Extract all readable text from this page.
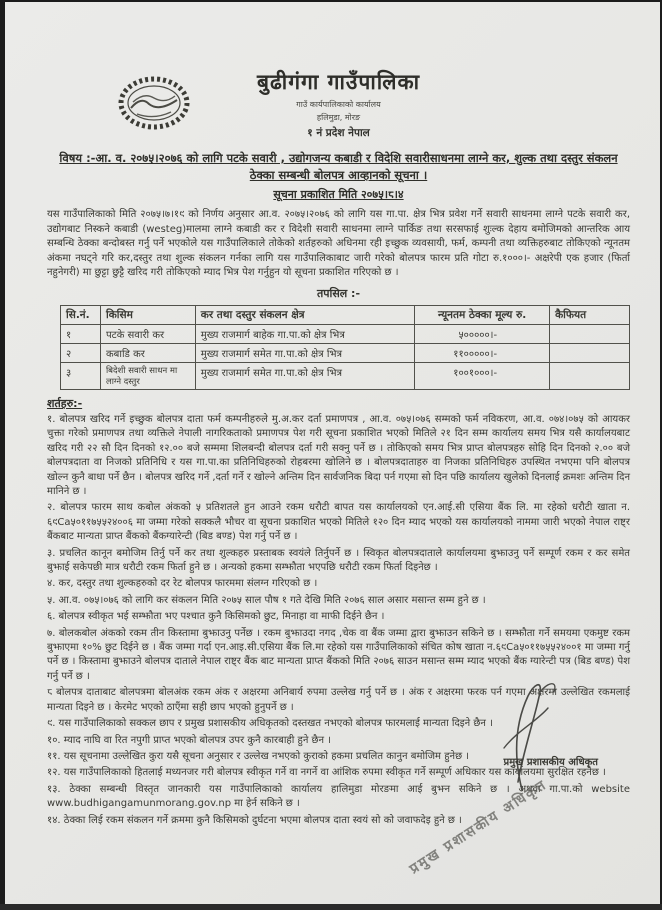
बुढीगंगा गाउँपालिका
गाउँ कार्यपालिकाको कार्यालय
हलिमुडा, मोरङ
१ नं प्रदेश नेपाल
विषय :-आ. व. २०७५।२०७६ को लागि पटके सवारी , उद्योगजन्य कबाडी र विदेशि सवारीसाधनमा लाग्ने कर, शुल्क तथा दस्तुर संकलन
ठेक्का सम्बन्धी बोलपत्र आव्हानको सूचना ।
सूचना प्रकाशित मिति २०७५।८।४

यस गाउँपालिकाको मिति २०७५।७।१९ को निर्णय अनुसार आ.व. २०७५।२०७६ को लागि यस गा.पा. क्षेत्र भित्र प्रवेश गर्ने सवारी साधनमा लाग्ने पटके सवारी कर, उद्योगबाट निस्कने कबाडी (westeg)मालमा लाग्ने कबाडी कर र विदेशी सवारी साधनमा लाग्ने पार्किङ तथा सरसफाई शुःल्क देहाय बमोजिमको आन्तरिक आय सम्बन्धि ठेक्का बन्दोबस्त गर्नु पर्ने भएकोले यस गाउँपालिकाले तोकेको शर्तहरुको अधिनमा रही इच्छुक व्यवसायी, फर्म, कम्पनी तथा व्यक्तिहरुबाट तोकिएको न्यूनतम अंकमा नघट्ने गरि कर,दस्तुर तथा शुल्क संकलन गर्नका लागि यस गाउँपालिकाबाट जारी गरेको बोलपत्र फारम प्रति गोटा रु.१०००।- अक्षरेपी एक हजार (फिर्ता नहुनेगरी) मा छुट्टा छुट्टै खरिद गरी तोकिएको म्याद भित्र पेश गर्नुहुन यो सूचना प्रकाशित गरिएको छ ।

तपसिल :-
सि.नं.	किसिम	कर तथा दस्तुर संकलन क्षेत्र	न्यूनतम ठेक्का मूल्य रु.	कैफियत
१	पटके सवारी कर	मुख्य राजमार्ग बाहेक गा.पा.को क्षेत्र भित्र	५०००००।-	
२	कबाडि कर	मुख्य राजमार्ग समेत गा.पा.को क्षेत्र भित्र	११०००००।-	
३	बिदेशी सवारी साधन मा लाग्ने दस्तुर	मुख्य राजमार्ग समेत गा.पा.को क्षेत्र भित्र	१००१०००।-	
शर्तहरु:-

१. बोलपत्र खरिद गर्ने इच्छुक बोलपत्र दाता फर्म कम्पनीहरुले मु.अ.कर दर्ता प्रमाणपत्र , आ.व. ०७५।०७६ सम्मको फर्म नविकरण, आ.व. ०७४।०७५ को आयकर चुक्ता गरेको प्रमाणपत्र तथा व्यक्तिले नेपाली नागरिकताको प्रमाणपत्र पेश गरी सूचना प्रकाशित भएको मितिले २१ दिन सम्म कार्यालय समय भित्र यसै कार्यालयबाट खरिद गरी २२ सौ दिन दिनको १२.०० बजे सम्ममा शिलबन्दी बोलपत्र दर्ता गरी सक्नु पर्ने छ । तोकिएको समय भित्र प्राप्त बोलपत्रहरु सोहि दिन दिनको २.०० बजे बोलपत्रदाता वा निजको प्रतिनिधि र यस गा.पा.का प्रतिनिधिहरुको रोहबरमा खोलिने छ । बोलपत्रदाताहरु वा निजका प्रतिनिधिहरु उपस्थित नभएमा पनि बोलपत्र खोल्न कुनै बाधा पर्ने छैन । बोलपत्र खरिद गर्ने ,दर्ता गर्ने र खोल्ने अन्तिम दिन सार्वजनिक बिदा पर्न गएमा सो दिन पछि कार्यालय खुलेको दिनलाई क्रमशः अन्तिम दिन मानिने छ ।

२. बोलपत्र फारम साथ कबोल अंकको ५ प्रतिशतले हुन आउने रकम धरौटी बापत यस कार्यालयको एन.आई.सी एसिया बैंक लि. मा रहेको धरौटी खाता न. ६९Ca५०११७५५२४००६ मा जम्मा गरेको सक्कलै भौचर वा सूचना प्रकाशित भएको मितिले १२० दिन म्याद भएको यस कार्यालयको नाममा जारी भएको नेपाल राष्ट्र बैंकबाट मान्यता प्राप्त बैंकको बैंकग्यारेन्टी (बिड बण्ड) पेश गर्नु पर्ने छ ।

३. प्रचलित कानून बमोजिम तिर्नु पर्ने कर तथा शुल्कहरु प्रस्ताबक स्वयंले तिर्नुपर्ने छ । स्विकृत बोलपत्रदाताले कार्यालयमा बुझाउनु पर्ने सम्पूर्ण रकम र कर समेत बुझाई सकेपछी मात्र धरौटी रकम फिर्ता हुने छ । अन्यको हकमा सम्झौता भएपछि धरौटी रकम फिर्ता दिइनेछ ।

४. कर, दस्तुर तथा शुल्कहरुको दर रेट बोलपत्र फारममा संलग्न गरिएको छ ।

५. आ.व. ०७५।०७६ को लागि कर संकलन मिति २०७५ साल पौष १ गते देखि मिति २०७६ साल असार मसान्त सम्म हुने छ ।

६. बोलपत्र स्वीकृत भई सम्झौता भए पश्चात कुनै किसिमको छुट, मिनाहा वा माफी दिईने छैन ।

७. बोलकबोल अंकको रकम तीन किस्तामा बुझाउनु पर्नेछ । रकम बुझाउदा नगद ,चेक वा बैंक जम्मा द्वारा बुझाउन सकिने छ । सम्झौता गर्ने समयमा एकमुष्ट रकम बुझाएमा १०% छुट दिईने छ । बैंक जम्मा गर्दा एन.आइ.सी.एसिया बैंक लि.मा रहेको यस गाउँपालिकाको संचित कोष खाता न.६९Ca५०११७५५२४००१ मा जम्मा गर्नु पर्ने छ । किस्तामा बुझाउने बोलपत्र दाताले नेपाल राष्ट्र बैंक बाट मान्यता प्राप्त बैंकको मिति २०७६ साउन मसान्त सम्म म्याद भएको बैंक ग्यारेन्टी पत्र (बिड बण्ड) पेश गर्नु पर्ने छ ।

८ बोलपत्र दाताबाट बोलपत्रमा बोलअंक रकम अंक र अक्षरमा अनिबार्य रुपमा उल्लेख गर्नु पर्ने छ । अंक र अक्षरमा फरक पर्न गएमा अक्षरमा उल्लेखित रकमलाई मान्यता दिइने छ । केरमेट भएको ठाएँमा सही छाप भएको हुनुपर्ने छ ।

९. यस गाउँपालिकाको सक्कल छाप र प्रमुख प्रशासकीय अधिकृतको दस्तखत नभएको बोलपत्र फारमलाई मान्यता दिइने छैन ।

१०. म्याद नाघि वा रित नपुगी प्राप्त भएको बोलपत्र उपर कुनै कारबाही हुने छैन ।

११. यस सूचनामा उल्लेखित कुरा यसै सूचना अनुसार र उल्लेख नभएको कुराको हकमा प्रचलित कानुन बमोजिम हुनेछ ।

१२. यस गाउँपालिकाको हितलाई मध्यनजर गरी बोलपत्र स्वीकृत गर्ने वा नगर्ने वा आंशिक रुपमा स्वीकृत गर्ने सम्पूर्ण अधिकार यस कार्यालयमा सुरक्षित रहनेछ ।

१३. ठेक्का सम्बन्धी विस्तृत जानकारी यस गाउँपालिकाको कार्यालय हालिमुडा मोरङमा आई बुझ्न सकिने छ । अथवा गा.पा.को website www.budhigangamunmorang.gov.np मा हेर्न सकिने छ ।

१४. ठेक्का लिई रकम संकलन गर्ने क्रममा कुनै किसिमको दुर्घटना भएमा बोलपत्र दाता स्वयं सो को जवाफदेइ हुने छ ।

प्रमुख प्रशासकीय अधिकृत
प्रमुख प्रशासकीय अधिकृत
